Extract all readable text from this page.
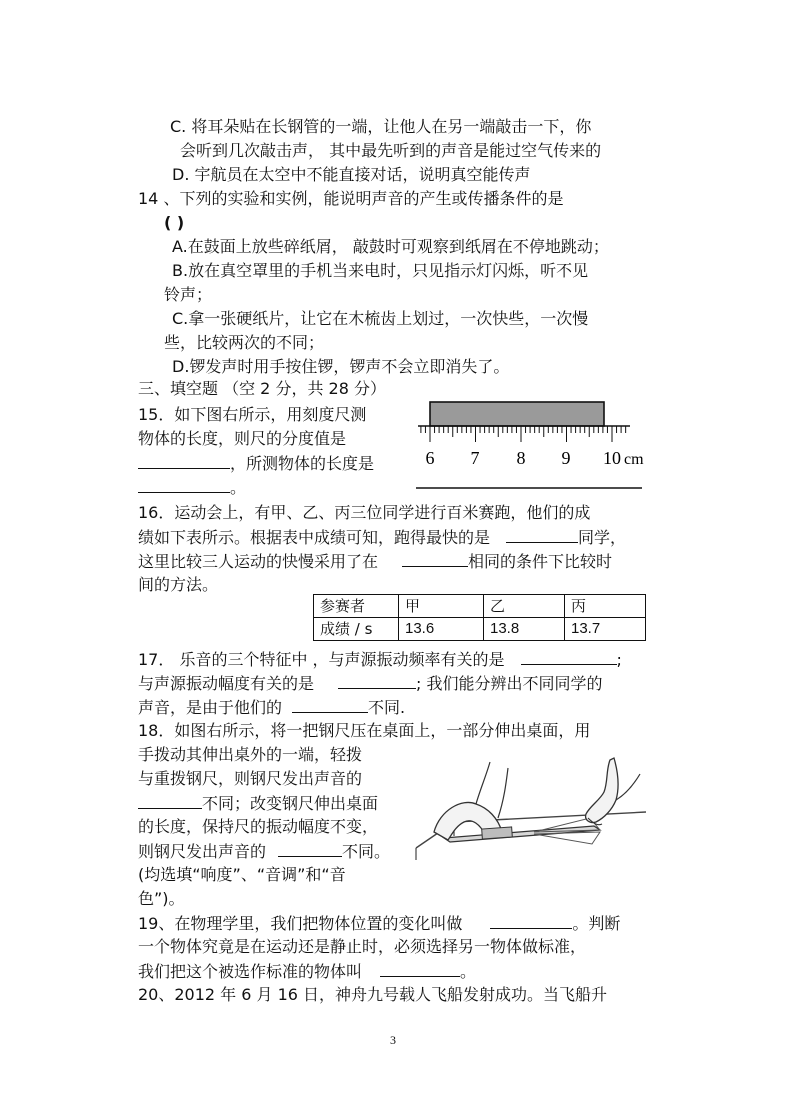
C. 将耳朵贴在长钢管的一端，让他人在另一端敲击一下，你
会听到几次敲击声， 其中最先听到的声音是能过空气传来的
D. 宇航员在太空中不能直接对话，说明真空能传声
14 、下列的实验和实例，能说明声音的产生或传播条件的是
( )
A.在鼓面上放些碎纸屑， 敲鼓时可观察到纸屑在不停地跳动；
B.放在真空罩里的手机当来电时，只见指示灯闪烁，听不见
铃声；
C.拿一张硬纸片，让它在木梳齿上划过，一次快些，一次慢
些，比较两次的不同；
D.锣发声时用手按住锣，锣声不会立即消失了。
三、填空题 （空 2 分，共 28 分）
15．如下图右所示，用刻度尺测
物体的长度，则尺的分度值是
，所测物体的长度是
。
6 7 8 9 10 cm
16．运动会上，有甲、乙、丙三位同学进行百米赛跑，他们的成
绩如下表所示。根据表中成绩可知，跑得最快的是	同学，
这里比较三人运动的快慢采用了在	相同的条件下比较时
间的方法。
参赛者	甲	乙	丙
成绩 / s	13.6	13.8	13.7
17． 乐音的三个特征中 ，与声源振动频率有关的是	;
与声源振动幅度有关的是	; 我们能分辨出不同同学的
声音，是由于他们的	不同.
18．如图右所示，将一把钢尺压在桌面上，一部分伸出桌面，用
手拨动其伸出桌外的一端，轻拨
与重拨钢尺，则钢尺发出声音的
不同；改变钢尺伸出桌面
的长度，保持尺的振动幅度不变，
则钢尺发出声音的	不同。
(均选填“响度”、“音调”和“音
色”)。
19、在物理学里，我们把物体位置的变化叫做	。判断
一个物体究竟是在运动还是静止时，必须选择另一物体做标准，
我们把这个被选作标准的物体叫	。
20、2012 年 6 月 16 日，神舟九号载人飞船发射成功。当飞船升
3
